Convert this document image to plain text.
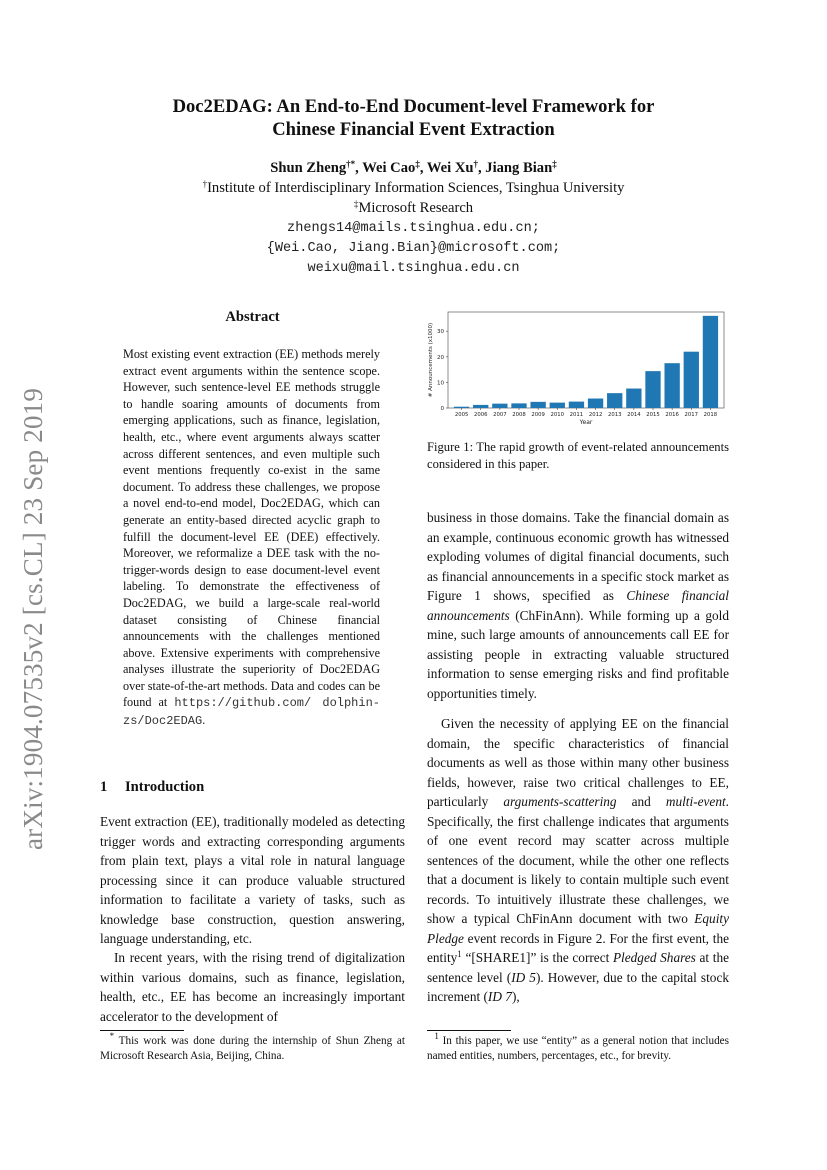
arXiv:1904.07535v2 [cs.CL] 23 Sep 2019
Doc2EDAG: An End-to-End Document-level Framework for
Chinese Financial Event Extraction
Shun Zheng†*, Wei Cao‡, Wei Xu†, Jiang Bian‡
†Institute of Interdisciplinary Information Sciences, Tsinghua University
‡Microsoft Research
zhengs14@mails.tsinghua.edu.cn;
{Wei.Cao, Jiang.Bian}@microsoft.com;
weixu@mail.tsinghua.edu.cn
Abstract
Most existing event extraction (EE) methods merely extract event arguments within the sentence scope. However, such sentence-level EE methods struggle to handle soaring amounts of documents from emerging applications, such as finance, legislation, health, etc., where event arguments always scatter across different sentences, and even multiple such event mentions frequently co-exist in the same document. To address these challenges, we propose a novel end-to-end model, Doc2EDAG, which can generate an entity-based directed acyclic graph to fulfill the document-level EE (DEE) effectively. Moreover, we reformalize a DEE task with the no-trigger-words design to ease document-level event labeling. To demonstrate the effectiveness of Doc2EDAG, we build a large-scale real-world dataset consisting of Chinese financial announcements with the challenges mentioned above. Extensive experiments with comprehensive analyses illustrate the superiority of Doc2EDAG over state-of-the-art methods. Data and codes can be found at https://github.com/ dolphin-zs/Doc2EDAG.
1 Introduction
Event extraction (EE), traditionally modeled as detecting trigger words and extracting corresponding arguments from plain text, plays a vital role in natural language processing since it can produce valuable structured information to facilitate a variety of tasks, such as knowledge base construction, question answering, language understanding, etc.
In recent years, with the rising trend of digitalization within various domains, such as finance, legislation, health, etc., EE has become an increasingly important accelerator to the development of
* This work was done during the internship of Shun Zheng at Microsoft Research Asia, Beijing, China.
0
10
20
30
2005 2006 2007 2008 2009 2010 2011 2012 2013 2014 2015 2016 2017 2018
Year
# Announcements (x1000)
Figure 1: The rapid growth of event-related announcements considered in this paper.
business in those domains. Take the financial domain as an example, continuous economic growth has witnessed exploding volumes of digital financial documents, such as financial announcements in a specific stock market as Figure 1 shows, specified as Chinese financial announcements (ChFinAnn). While forming up a gold mine, such large amounts of announcements call EE for assisting people in extracting valuable structured information to sense emerging risks and find profitable opportunities timely.
Given the necessity of applying EE on the financial domain, the specific characteristics of financial documents as well as those within many other business fields, however, raise two critical challenges to EE, particularly arguments-scattering and multi-event. Specifically, the first challenge indicates that arguments of one event record may scatter across multiple sentences of the document, while the other one reflects that a document is likely to contain multiple such event records. To intuitively illustrate these challenges, we show a typical ChFinAnn document with two Equity Pledge event records in Figure 2. For the first event, the entity$^1$ “[SHARE1]” is the correct Pledged Shares at the sentence level (ID 5). However, due to the capital stock increment (ID 7),
$^1$ In this paper, we use “entity” as a general notion that includes named entities, numbers, percentages, etc., for brevity.
